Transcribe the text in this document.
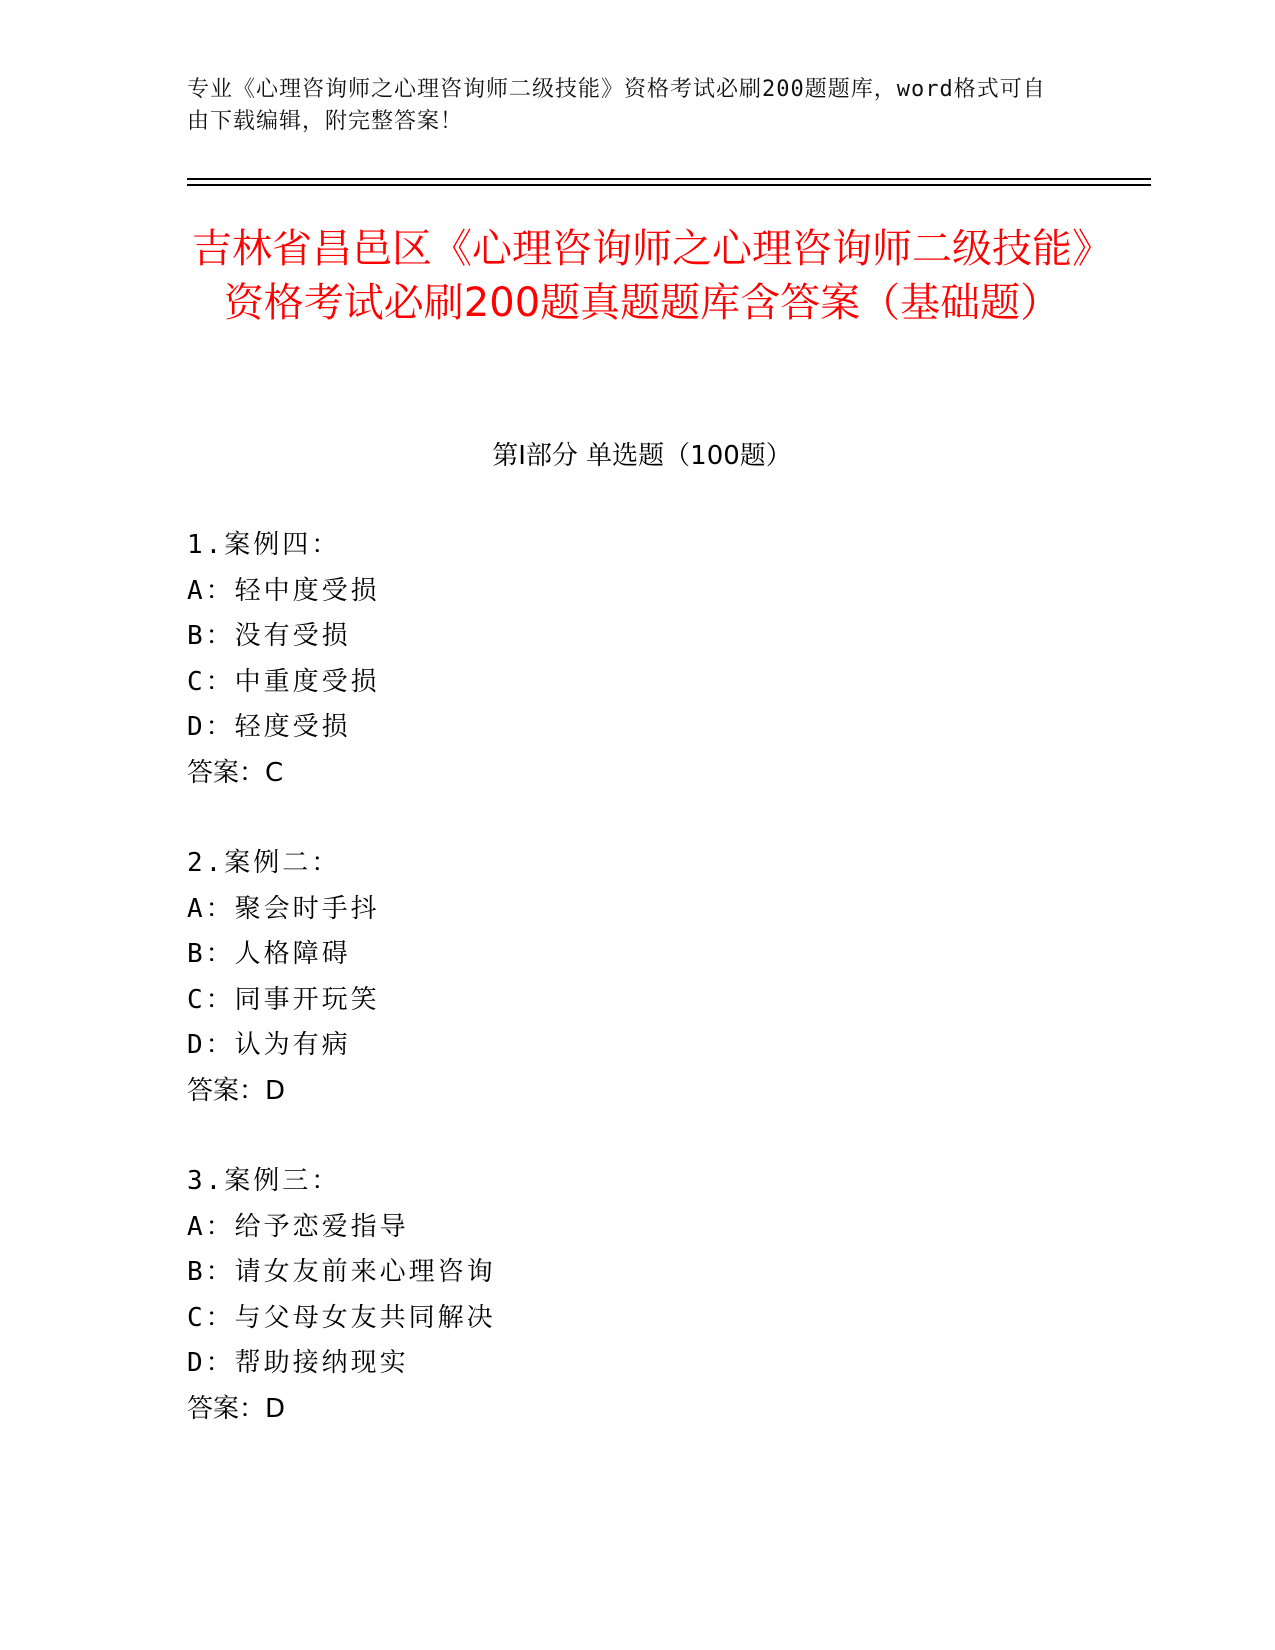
专业《心理咨询师之心理咨询师二级技能》资格考试必刷200题题库，word格式可自由下载编辑，附完整答案！
吉林省昌邑区《心理咨询师之心理咨询师二级技能》资格考试必刷200题真题题库含答案（基础题）
第I部分 单选题（100题）
1.案例四：
A：轻中度受损
B：没有受损
C：中重度受损
D：轻度受损
答案：C
2.案例二：
A：聚会时手抖
B：人格障碍
C：同事开玩笑
D：认为有病
答案：D
3.案例三：
A：给予恋爱指导
B：请女友前来心理咨询
C：与父母女友共同解决
D：帮助接纳现实
答案：D
